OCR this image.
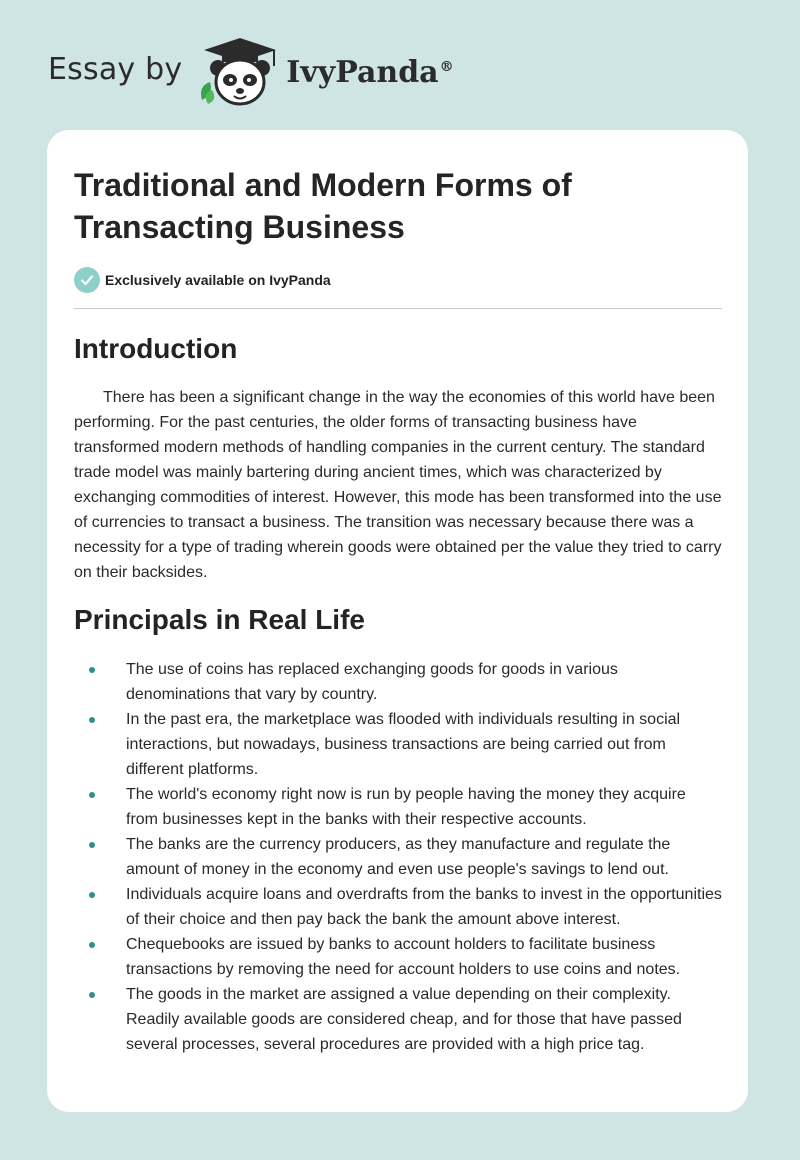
Essay by	IvyPanda®
Traditional and Modern Forms of Transacting Business
Exclusively available on IvyPanda
Introduction

There has been a significant change in the way the economies of this world have been performing. For the past centuries, the older forms of transacting business have transformed modern methods of handling companies in the current century. The standard trade model was mainly bartering during ancient times, which was characterized by exchanging commodities of interest. However, this mode has been transformed into the use of currencies to transact a business. The transition was necessary because there was a necessity for a type of trading wherein goods were obtained per the value they tried to carry on their backsides.

Principals in Real Life
The use of coins has replaced exchanging goods for goods in various denominations that vary by country.
In the past era, the marketplace was flooded with individuals resulting in social interactions, but nowadays, business transactions are being carried out from different platforms.
The world's economy right now is run by people having the money they acquire from businesses kept in the banks with their respective accounts.
The banks are the currency producers, as they manufacture and regulate the amount of money in the economy and even use people's savings to lend out.
Individuals acquire loans and overdrafts from the banks to invest in the opportunities of their choice and then pay back the bank the amount above interest.
Chequebooks are issued by banks to account holders to facilitate business transactions by removing the need for account holders to use coins and notes.
The goods in the market are assigned a value depending on their complexity. Readily available goods are considered cheap, and for those that have passed several processes, several procedures are provided with a high price tag.
